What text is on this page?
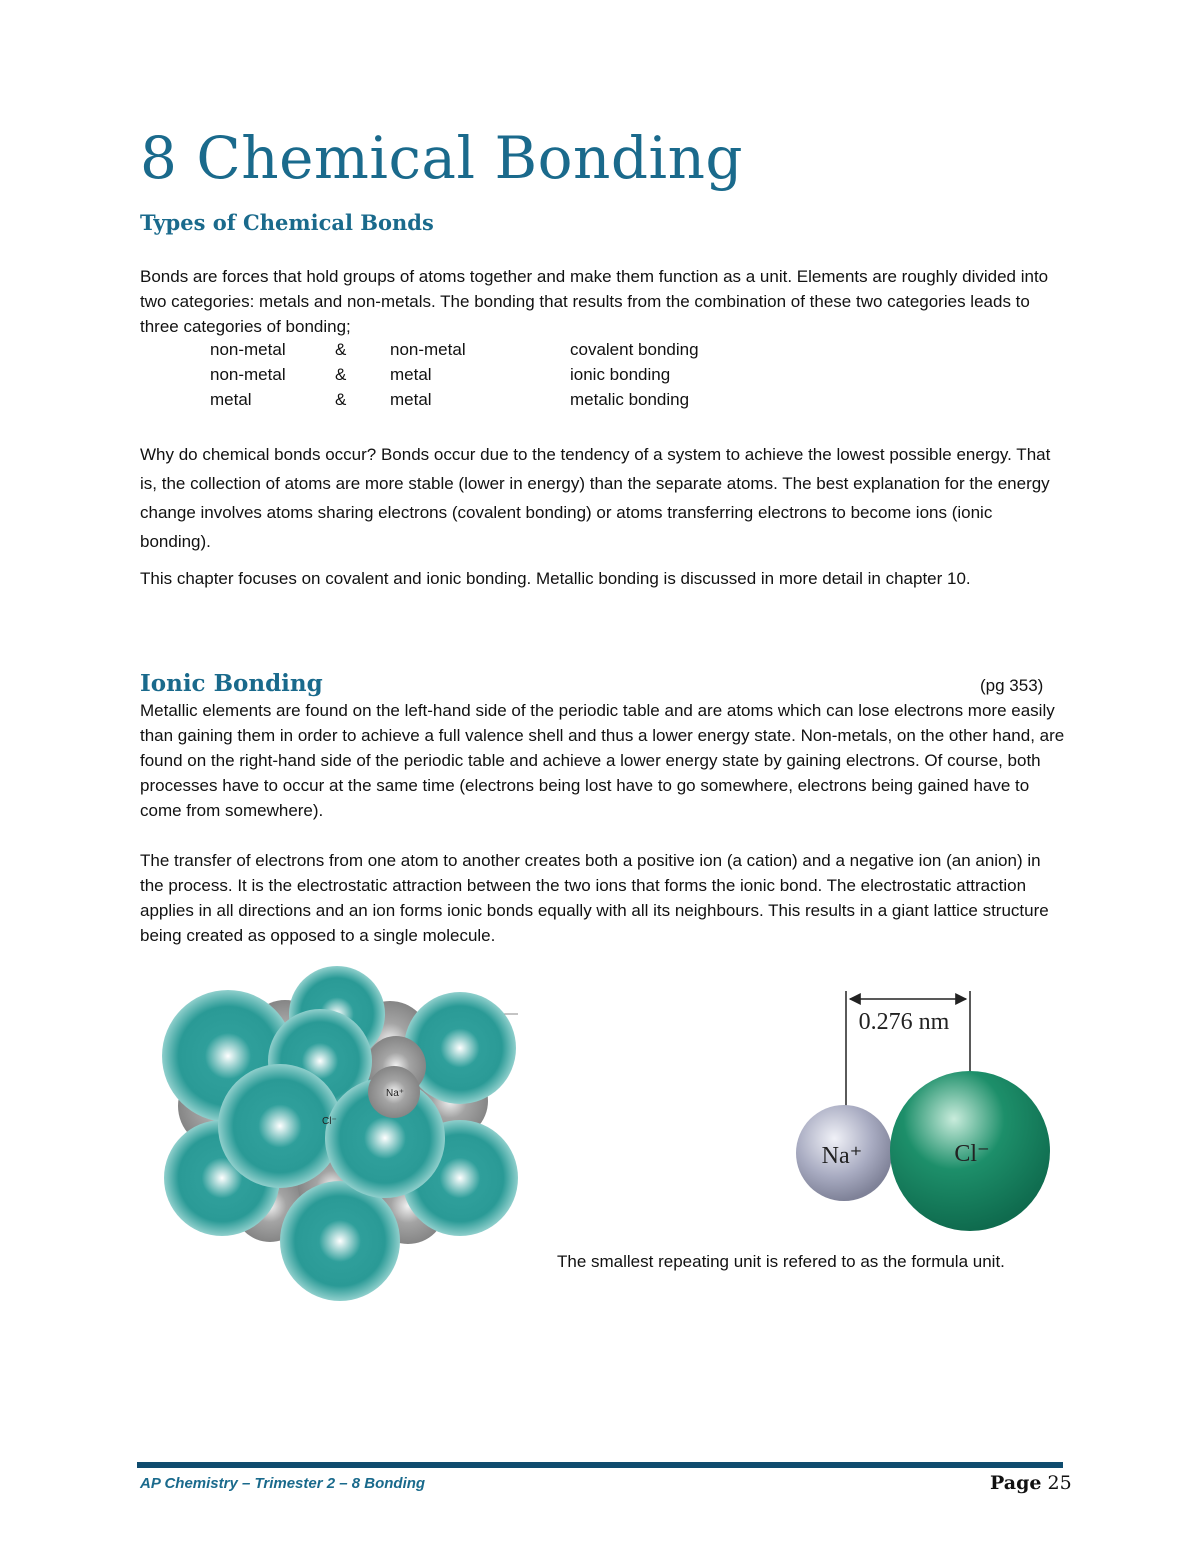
8 Chemical Bonding
Types of Chemical Bonds

Bonds are forces that hold groups of atoms together and make them function as a unit. Elements are roughly divided into two categories: metals and non-metals. The bonding that results from the combination of these two categories leads to three categories of bonding;

non-metal	&	non-metal	covalent bonding
non-metal	&	metal	ionic bonding
metal	&	metal	metalic bonding

Why do chemical bonds occur? Bonds occur due to the tendency of a system to achieve the lowest possible energy. That is, the collection of atoms are more stable (lower in energy) than the separate atoms. The best explanation for the energy change involves atoms sharing electrons (covalent bonding) or atoms transferring electrons to become ions (ionic bonding).

This chapter focuses on covalent and ionic bonding. Metallic bonding is discussed in more detail in chapter 10.

Ionic Bonding	(pg 353)

Metallic elements are found on the left-hand side of the periodic table and are atoms which can lose electrons more easily than gaining them in order to achieve a full valence shell and thus a lower energy state. Non-metals, on the other hand, are found on the right-hand side of the periodic table and achieve a lower energy state by gaining electrons. Of course, both processes have to occur at the same time (electrons being lost have to go somewhere, electrons being gained have to come from somewhere).

The transfer of electrons from one atom to another creates both a positive ion (a cation) and a negative ion (an anion) in the process. It is the electrostatic attraction between the two ions that forms the ionic bond. The electrostatic attraction applies in all directions and an ion forms ionic bonds equally with all its neighbours. This results in a giant lattice structure being created as opposed to a single molecule.

Cl⁻
Na⁺
0.276 nm
Na⁺	Cl⁻

The smallest repeating unit is refered to as the formula unit.

AP Chemistry – Trimester 2 – 8 Bonding	Page 25
